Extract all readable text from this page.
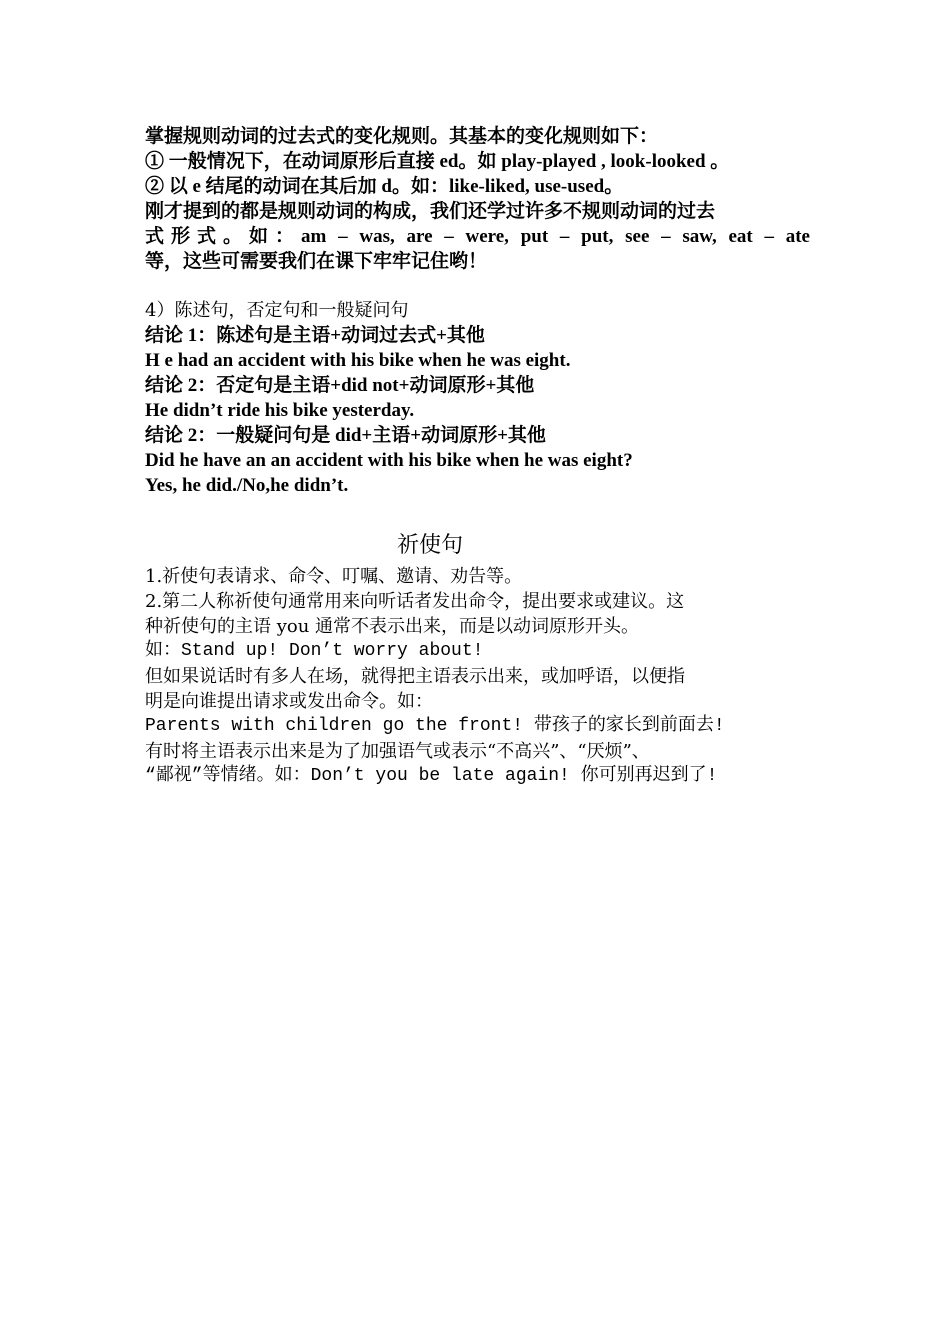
掌握规则动词的过去式的变化规则。其基本的变化规则如下：
① 一般情况下，在动词原形后直接 ed。如 play-played , look-looked 。
② 以 e 结尾的动词在其后加 d。如：like-liked, use-used。
刚才提到的都是规则动词的构成，我们还学过许多不规则动词的过去
式形式。如：am – was, are – were, put – put, see – saw, eat – ate
等，这些可需要我们在课下牢牢记住哟！
4）陈述句，否定句和一般疑问句
结论 1：陈述句是主语+动词过去式+其他
H e had an accident with his bike when he was eight.
结论 2：否定句是主语+did not+动词原形+其他
He didn’t ride his bike yesterday.
结论 2：一般疑问句是 did+主语+动词原形+其他
Did he have an an accident with his bike when he was eight?
Yes, he did./No,he didn’t.
祈使句
1.祈使句表请求、命令、叮嘱、邀请、劝告等。
2.第二人称祈使句通常用来向听话者发出命令，提出要求或建议。这
种祈使句的主语 you 通常不表示出来，而是以动词原形开头。
如：Stand up! Don’t worry about!
但如果说话时有多人在场，就得把主语表示出来，或加呼语，以便指
明是向谁提出请求或发出命令。如：
Parents with children go the front! 带孩子的家长到前面去!
有时将主语表示出来是为了加强语气或表示“不高兴”、“厌烦”、
“鄙视”等情绪。如：Don’t you be late again! 你可别再迟到了!
